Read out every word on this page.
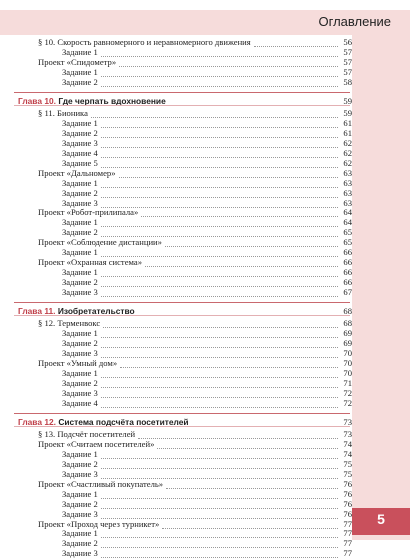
Оглавление
§ 10. Скорость равномерного и неравномерного движения	56
Задание 1	57
Проект «Спидометр»	57
Задание 1	57
Задание 2	58
Глава 10. Где черпать вдохновение	59
§ 11. Бионика	59
Задание 1	61
Задание 2	61
Задание 3	62
Задание 4	62
Задание 5	62
Проект «Дальномер»	63
Задание 1	63
Задание 2	63
Задание 3	63
Проект «Робот-прилипала»	64
Задание 1	64
Задание 2	65
Проект «Соблюдение дистанции»	65
Задание 1	66
Проект «Охранная система»	66
Задание 1	66
Задание 2	66
Задание 3	67
Глава 11. Изобретательство	68
§ 12. Терменвокс	68
Задание 1	69
Задание 2	69
Задание 3	70
Проект «Умный дом»	70
Задание 1	70
Задание 2	71
Задание 3	72
Задание 4	72
Глава 12. Система подсчёта посетителей	73
§ 13. Подсчёт посетителей	73
Проект «Считаем посетителей»	74
Задание 1	74
Задание 2	75
Задание 3	75
Проект «Счастливый покупатель»	76
Задание 1	76
Задание 2	76
Задание 3	76
Проект «Проход через турникет»	77
Задание 1	77
Задание 2	77
Задание 3	77
5
